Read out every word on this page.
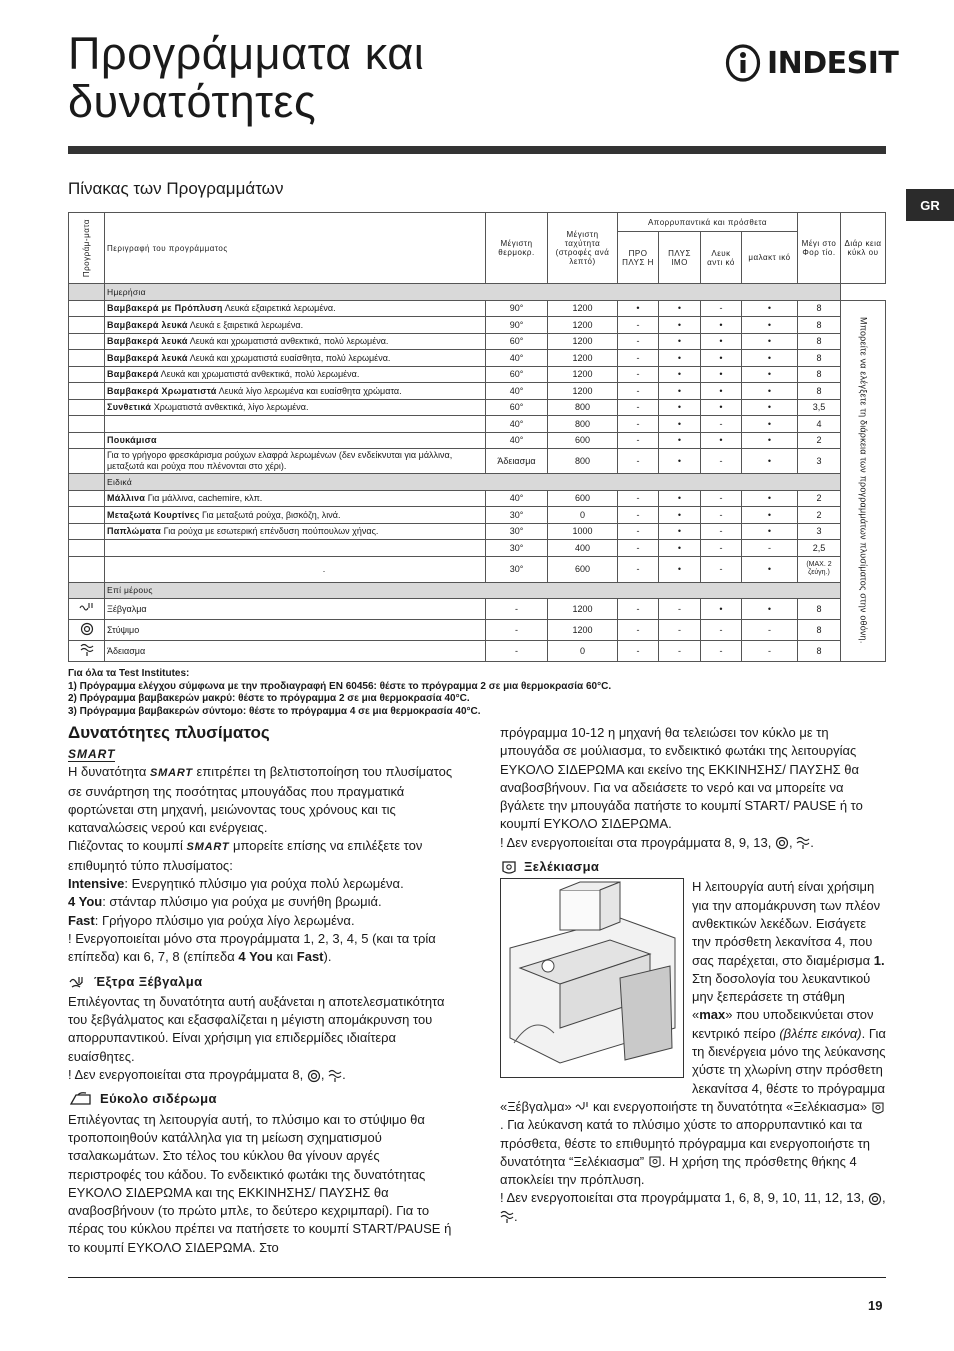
Προγράμματα και
δυνατότητες
INDESIT
GR
Πίνακας των Προγραμμάτων
Προγράμ-ματα	Περιγραφή του προγράμματος	Μέγιστη θερμοκρ.	Μέγιστη ταχύτητα (στροφές ανά λεπτό)	Απορρυπαντικά και πρόσθετα				Μέγι στο Φορ τίο.	Διάρ κεια κύκλ ου
				ΠΡΟ ΠΛΥΣ Η	ΠΛΥΣ ΙΜΟ	Λευκ αντι κό	μαλακτ ικό		
	Ημερήσια								
	Βαμβακερά με Πρόπλυση Λευκά εξαιρετικά λερωμένα.	90°	1200	•	•	-	•	8	Μπορείτε να ελέγξετε τη διάρκεια των προγραμμάτων πλυσίματος στην οθόνη.

	Βαμβακερά λευκά Λευκά ε ξαιρετικά λερωμένα.	90°	1200	-	•	•	•	8	
	Βαμβακερά λευκά Λευκά και χρωματιστά ανθεκτικά, πολύ λερωμένα.	60°	1200	-	•	•	•	8	
	Βαμβακερά λευκά Λευκά και χρωματιστά ευαίσθητα, πολύ λερωμένα.	40°	1200	-	•	•	•	8	
	Βαμβακερά Λευκά και χρωματιστά ανθεκτικά, πολύ λερωμένα.	60°	1200	-	•	•	•	8	
	Βαμβακερά Χρωματιστά Λευκά λίγο λερωμένα και ευαίσθητα χρώματα.	40°	1200	-	•	•	•	8	
	Συνθετικά Χρωματιστά ανθεκτικά, λίγο λερωμένα.	60°	800	-	•	•	•	3,5	
		40°	800	-	•	-	•	4	
	Πουκάμισα	40°	600	-	•	•	•	2	
	Για το γρήγορο φρεσκάρισμα ρούχων ελαφρά λερωμένων (δεν ενδείκνυται για μάλλινα, μεταξωτά και ρούχα που πλένονται στο χέρι).	Άδειασμα	800	-	•	-	•	3	
	Ειδικά								
	Μάλλινα Για μάλλινα, cachemire, κλπ.	40°	600	-	•	-	•	2	
	Μεταξωτά Κουρτίνες Για μεταξωτά ρούχα, βισκόζη, λινά.	30°	0	-	•	-	•	2	
	Παπλώματα Για ρούχα με εσωτερική επένδυση πούπουλων χήνας.	30°	1000	-	•	-	•	3	
		30°	400	-	•	-	-	2,5	
	.	30°	600	-	•	-	•	(MAX. 2 ζεύγη.)	
	Επί μέρους								
	Ξέβγαλμα	-	1200	-	-	•	•	8	
	Στύψιμο	-	1200	-	-	-	-	8	
	Άδειασμα	-	0	-	-	-	-	8	
Για όλα τα Test Institutes:
1) Πρόγραμμα ελέγχου σύμφωνα με την προδιαγραφή EN 60456: θέστε το πρόγραμμα 2 σε μια θερμοκρασία 60°C.
2) Πρόγραμμα βαμβακερών μακρύ: θέστε το πρόγραμμα 2 σε μια θερμοκρασία 40°C.
3) Πρόγραμμα βαμβακερών σύντομο: θέστε το πρόγραμμα 4 σε μια θερμοκρασία 40°C.
Δυνατότητες πλυσίματος
SMART

Η δυνατότητα SMART επιτρέπει τη βελτιστοποίηση του πλυσίματος σε συνάρτηση της ποσότητας μπουγάδας που πραγματικά φορτώνεται στη μηχανή, μειώνοντας τους χρόνους και τις καταναλώσεις νερού και ενέργειας.

Πιέζοντας το κουμπί SMART μπορείτε επίσης να επιλέξετε τον επιθυμητό τύπο πλυσίματος:

Intensive: Ενεργητικό πλύσιμο για ρούχα πολύ λερωμένα.

4 You: στάνταρ πλύσιμο για ρούχα με συνήθη βρωμιά.

Fast: Γρήγορο πλύσιμο για ρούχα λίγο λερωμένα.

! Ενεργοποιείται μόνο στα προγράμματα 1, 2, 3, 4, 5 (και τα τρία επίπεδα) και 6, 7, 8 (επίπεδα 4 You και Fast).

Έξτρα Ξέβγαλμα

Επιλέγοντας τη δυνατότητα αυτή αυξάνεται η αποτελεσματικότητα του ξεβγάλματος και εξασφαλίζεται η μέγιστη απομάκρυνση του απορρυπαντικού. Είναι χρήσιμη για επιδερμίδες ιδιαίτερα ευαίσθητες.

! Δεν ενεργοποιείται στα προγράμματα 8, , .

Εύκολο σιδέρωμα

Επιλέγοντας τη λειτουργία αυτή, το πλύσιμο και το στύψιμο θα τροποποιηθούν κατάλληλα για τη μείωση σχηματισμού τσαλακωμάτων. Στο τέλος του κύκλου θα γίνουν αργές περιστροφές του κάδου. Το ενδεικτικό φωτάκι της δυνατότητας ΕΥΚΟΛΟ ΣΙΔΕΡΩΜΑ και της ΕΚΚΙΝΗΣΗΣ/ ΠΑΥΣΗΣ θα αναβοσβήνουν (το πρώτο μπλε, το δεύτερο κεχριμπαρί). Για το πέρας του κύκλου πρέπει να πατήσετε το κουμπί START/PAUSE ή το κουμπί ΕΥΚΟΛΟ ΣΙΔΕΡΩΜΑ. Στο

πρόγραμμα 10-12 η μηχανή θα τελειώσει τον κύκλο με τη μπουγάδα σε μούλιασμα, το ενδεικτικό φωτάκι της λειτουργίας ΕΥΚΟΛΟ ΣΙΔΕΡΩΜΑ και εκείνο της ΕΚΚΙΝΗΣΗΣ/ ΠΑΥΣΗΣ θα αναβοσβήνουν. Για να αδειάσετε το νερό και να μπορείτε να βγάλετε την μπουγάδα πατήστε το κουμπί START/ PAUSE ή το κουμπί ΕΥΚΟΛΟ ΣΙΔΕΡΩΜΑ.

! Δεν ενεργοποιείται στα προγράμματα 8, 9, 13, , .

Ξελέκιασμα

Η λειτουργία αυτή είναι χρήσιμη για την απομάκρυνση των πλέον ανθεκτικών λεκέδων. Εισάγετε την πρόσθετη λεκανίτσα 4, που σας παρέχεται, στο διαμέρισμα 1. Στη δοσολογία του λευκαντικού μην ξεπεράσετε τη στάθμη «max» που υποδεικνύεται στον κεντρικό πείρο (βλέπε εικόνα). Για τη διενέργεια μόνο της λεύκανσης χύστε τη χλωρίνη στην πρόσθετη λεκανίτσα 4, θέστε το πρόγραμμα «Ξέβγαλμα» και ενεργοποιήστε τη δυνατότητα «Ξελέκιασμα» . Για λεύκανση κατά το πλύσιμο χύστε το απορρυπαντικό και τα πρόσθετα, θέστε το επιθυμητό πρόγραμμα και ενεργοποιήστε τη δυνατότητα “Ξελέκιασμα” . Η χρήση της πρόσθετης θήκης 4 αποκλείει την πρόπλυση.

! Δεν ενεργοποιείται στα προγράμματα 1, 6, 8, 9, 10, 11, 12, 13, , .

19
